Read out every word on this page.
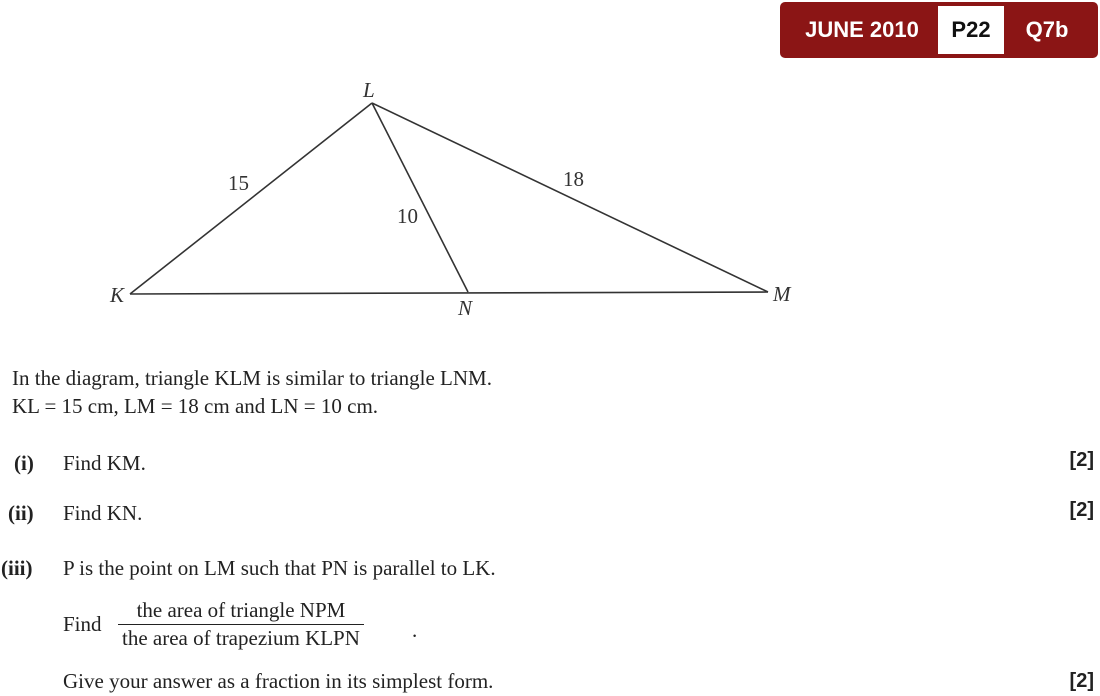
JUNE 2010	P22	Q7b
L
K	M
N
15
10
18
In the diagram, triangle KLM is similar to triangle LNM.
KL = 15 cm, LM = 18 cm and LN = 10 cm.
(i) Find KM.	[2]
(ii) Find KN.	[2]
(iii) P is the point on LM such that PN is parallel to LK.
Find
the area of triangle NPM
the area of trapezium KLPN .
Give your answer as a fraction in its simplest form.	[2]
